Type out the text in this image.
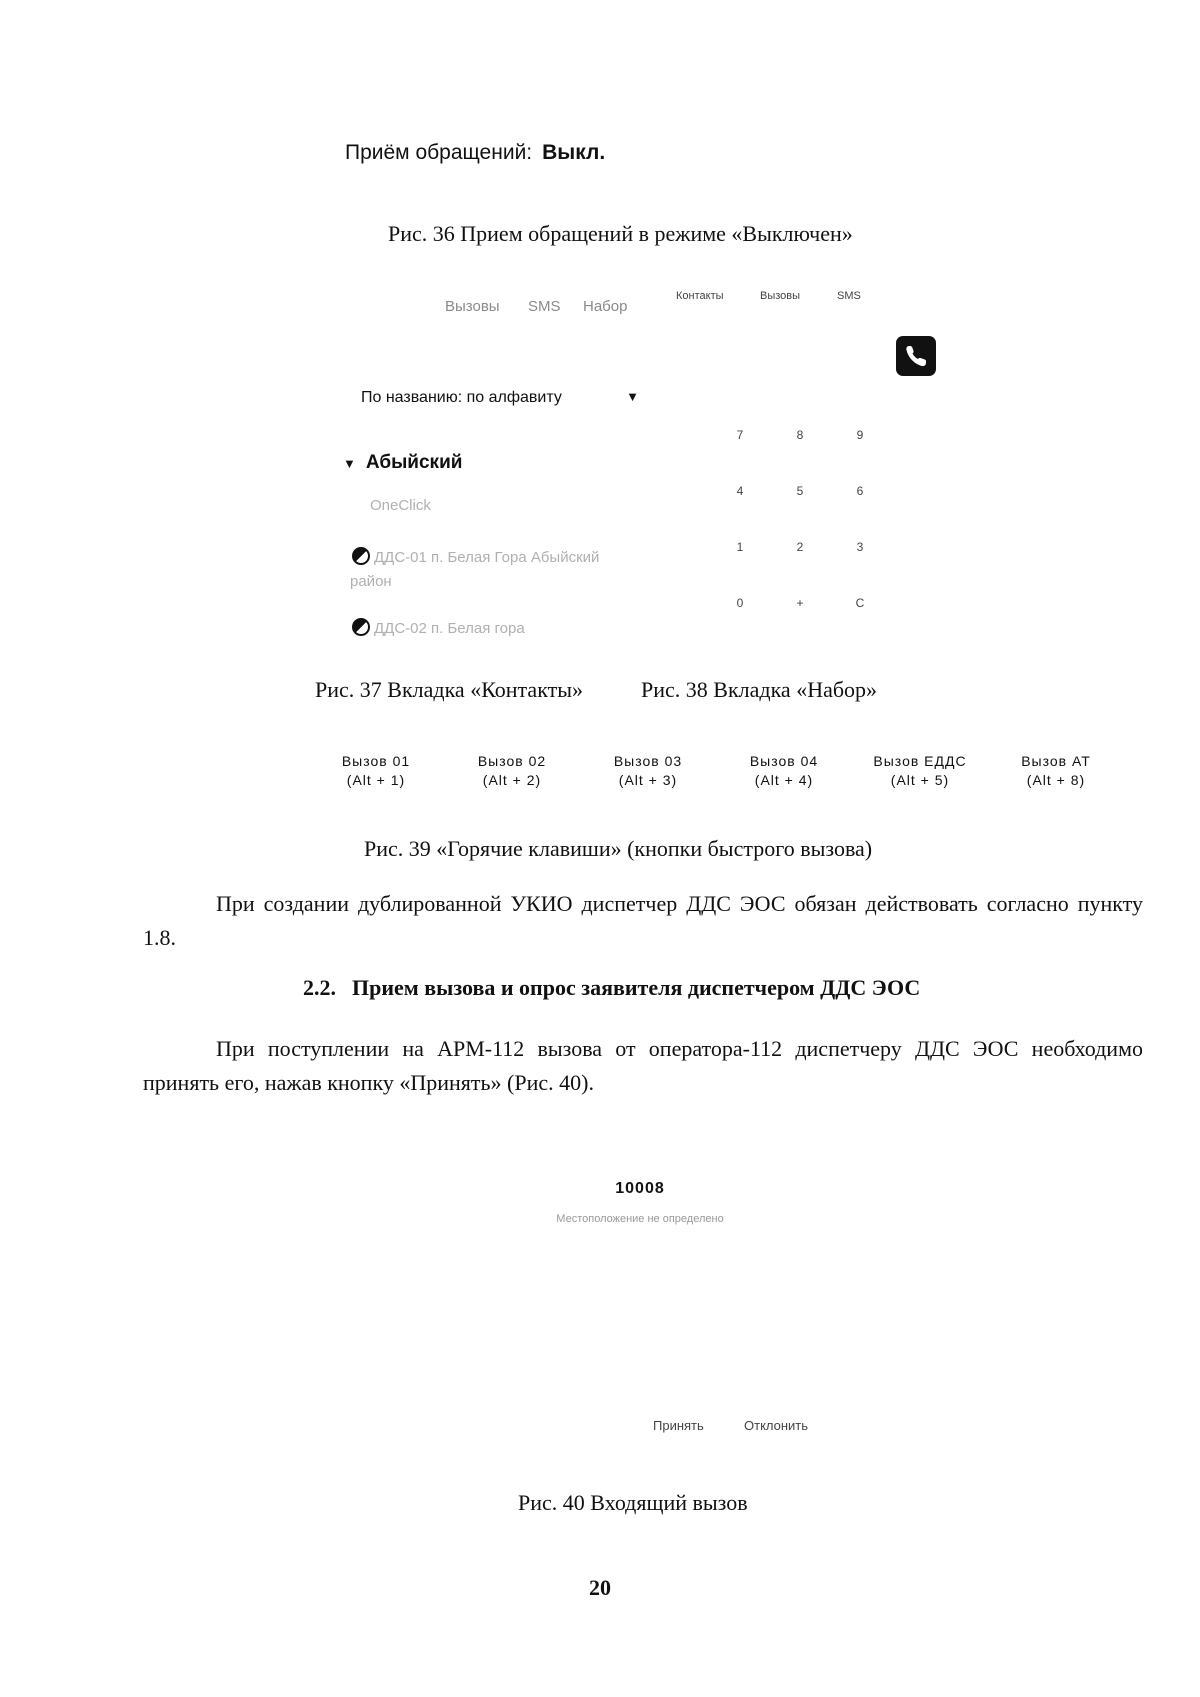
Приём обращений: Выкл.
Рис. 36 Прием обращений в режиме «Выключен»
Вызовы SMS Набор
По названию: по алфавиту	▼
▼ Абыйский
OneClick
ДДС-01 п. Белая Гора Абыйский
район
ДДС-02 п. Белая гора
Контакты	Вызовы	SMS
7	8	9
4	5	6
1	2	3
0	+	C
Рис. 37 Вкладка «Контакты»	Рис. 38 Вкладка «Набор»
Вызов 01
(Alt + 1)
Вызов 02
(Alt + 2)
Вызов 03
(Alt + 3)
Вызов 04
(Alt + 4)
Вызов ЕДДС
(Alt + 5)
Вызов АТ
(Alt + 8)
Рис. 39 «Горячие клавиши» (кнопки быстрого вызова)
При создании дублированной УКИО диспетчер ДДС ЭОС обязан действовать согласно пункту 1.8.
2.2. Прием вызова и опрос заявителя диспетчером ДДС ЭОС
При поступлении на АРМ-112 вызова от оператора-112 диспетчеру ДДС ЭОС необходимо принять его, нажав кнопку «Принять» (Рис. 40).
10008
Местоположение не определено
Принять	Отклонить
Рис. 40 Входящий вызов
20
